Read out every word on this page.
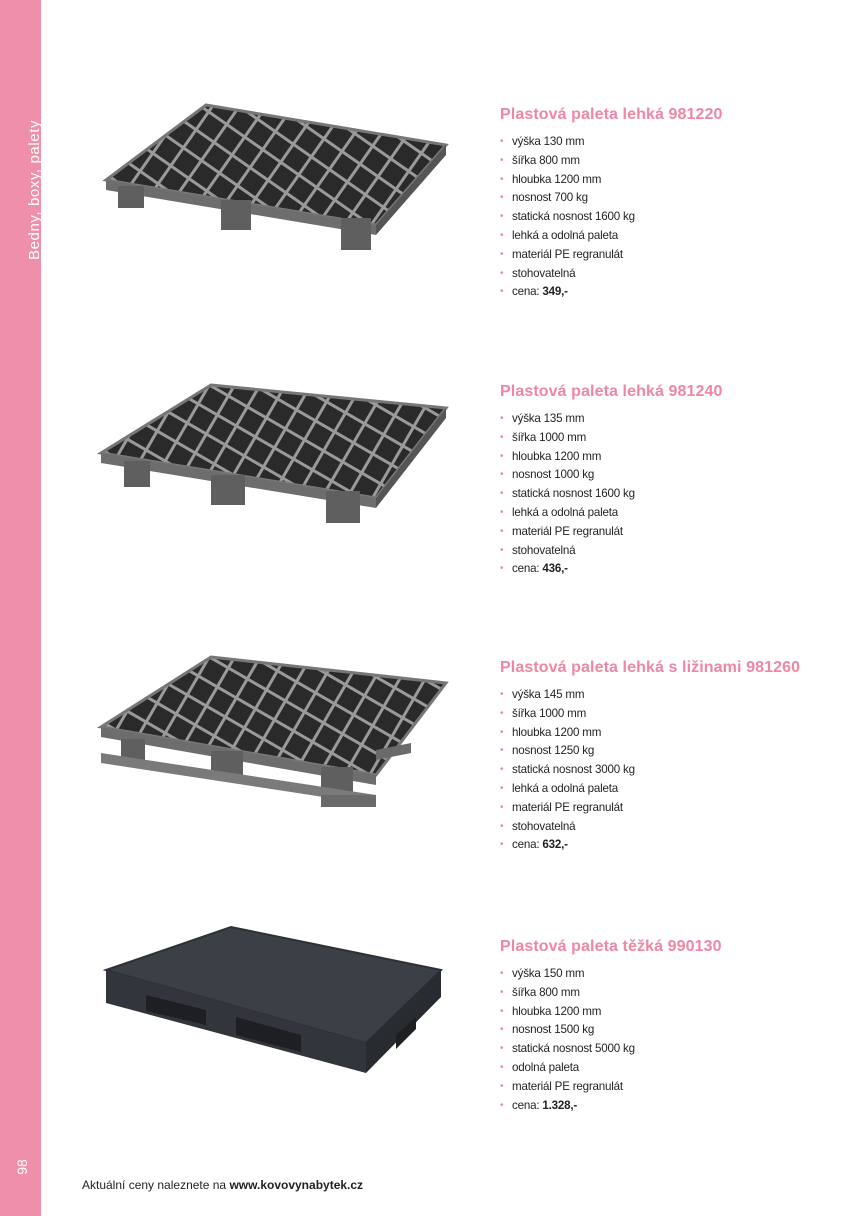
Bedny, boxy, palety
98
Plastová paleta lehká 981220
• výška 130 mm
• šířka 800 mm
• hloubka 1200 mm
• nosnost 700 kg
• statická nosnost 1600 kg
• lehká a odolná paleta
• materiál PE regranulát
• stohovatelná
• cena: 349,-
Plastová paleta lehká 981240
• výška 135 mm
• šířka 1000 mm
• hloubka 1200 mm
• nosnost 1000 kg
• statická nosnost 1600 kg
• lehká a odolná paleta
• materiál PE regranulát
• stohovatelná
• cena: 436,-
Plastová paleta lehká s ližinami 981260
• výška 145 mm
• šířka 1000 mm
• hloubka 1200 mm
• nosnost 1250 kg
• statická nosnost 3000 kg
• lehká a odolná paleta
• materiál PE regranulát
• stohovatelná
• cena: 632,-
Plastová paleta těžká 990130
• výška 150 mm
• šířka 800 mm
• hloubka 1200 mm
• nosnost 1500 kg
• statická nosnost 5000 kg
• odolná paleta
• materiál PE regranulát
• cena: 1.328,-
Aktuální ceny naleznete na www.kovovynabytek.cz
